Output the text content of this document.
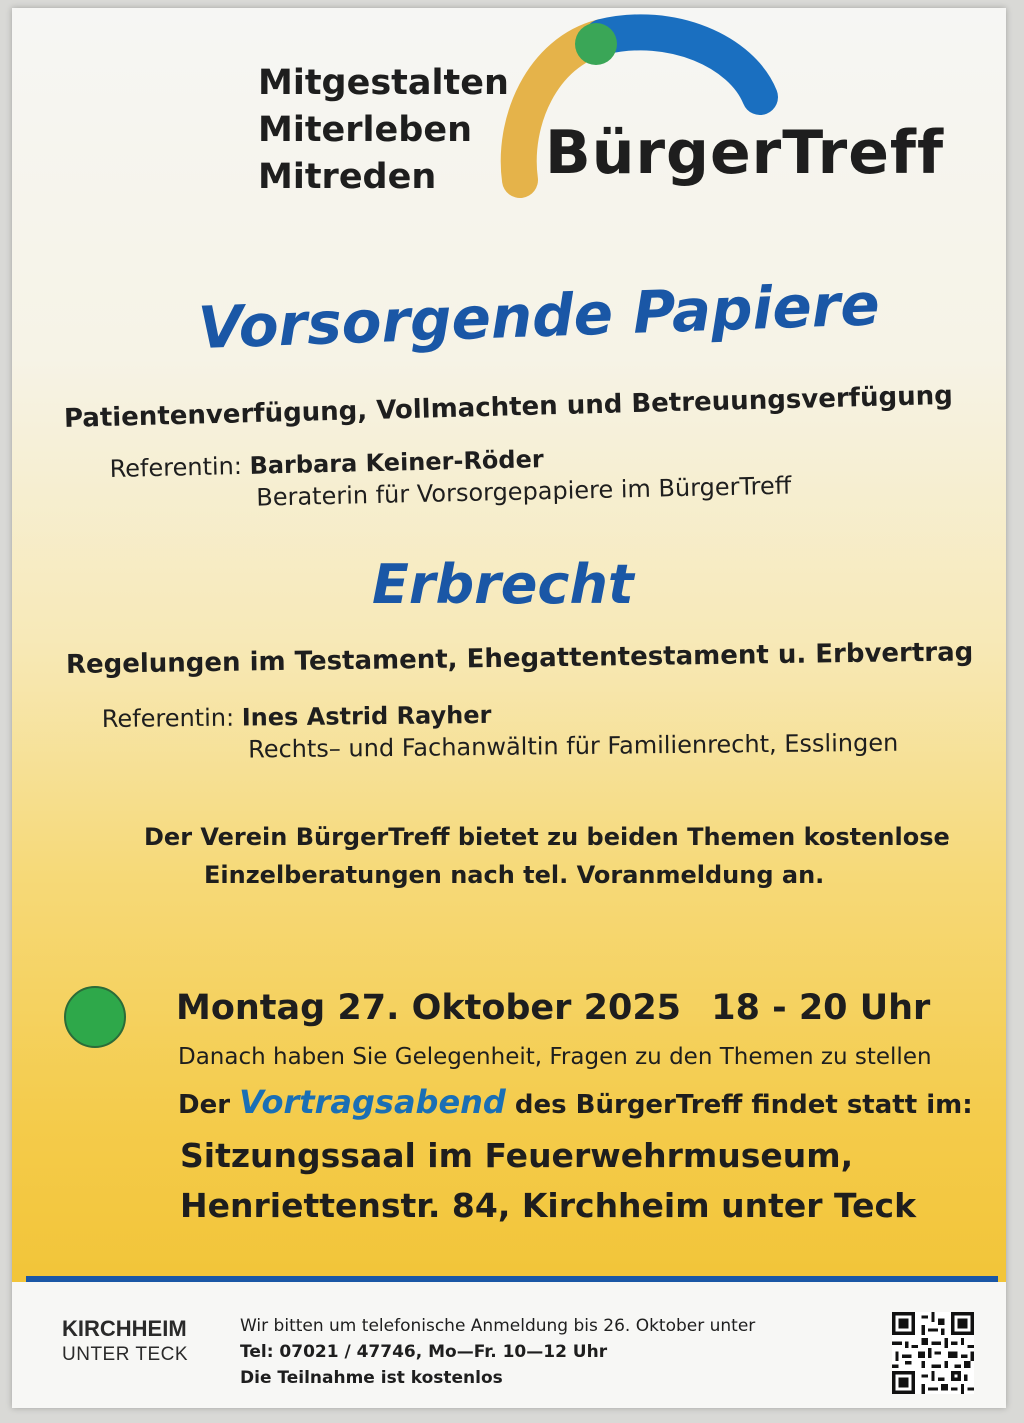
Mitgestalten
Miterleben
Mitreden	BürgerTreff
Vorsorgende Papiere
Patientenverfügung, Vollmachten und Betreuungsverfügung
Referentin: Barbara Keiner-Röder
Beraterin für Vorsorgepapiere im BürgerTreff
Erbrecht
Regelungen im Testament, Ehegattentestament u. Erbvertrag
Referentin: Ines Astrid Rayher
Rechts– und Fachanwältin für Familienrecht, Esslingen
Der Verein BürgerTreff bietet zu beiden Themen kostenlose
Einzelberatungen nach tel. Voranmeldung an.
Montag 27. Oktober 2025 18 - 20 Uhr
Danach haben Sie Gelegenheit, Fragen zu den Themen zu stellen
Der Vortragsabend des BürgerTreff findet statt im:
Sitzungssaal im Feuerwehrmuseum,
Henriettenstr. 84, Kirchheim unter Teck
KIRCHHEIM
UNTER TECK
Wir bitten um telefonische Anmeldung bis 26. Oktober unter
Tel: 07021 / 47746, Mo—Fr. 10—12 Uhr
Die Teilnahme ist kostenlos
